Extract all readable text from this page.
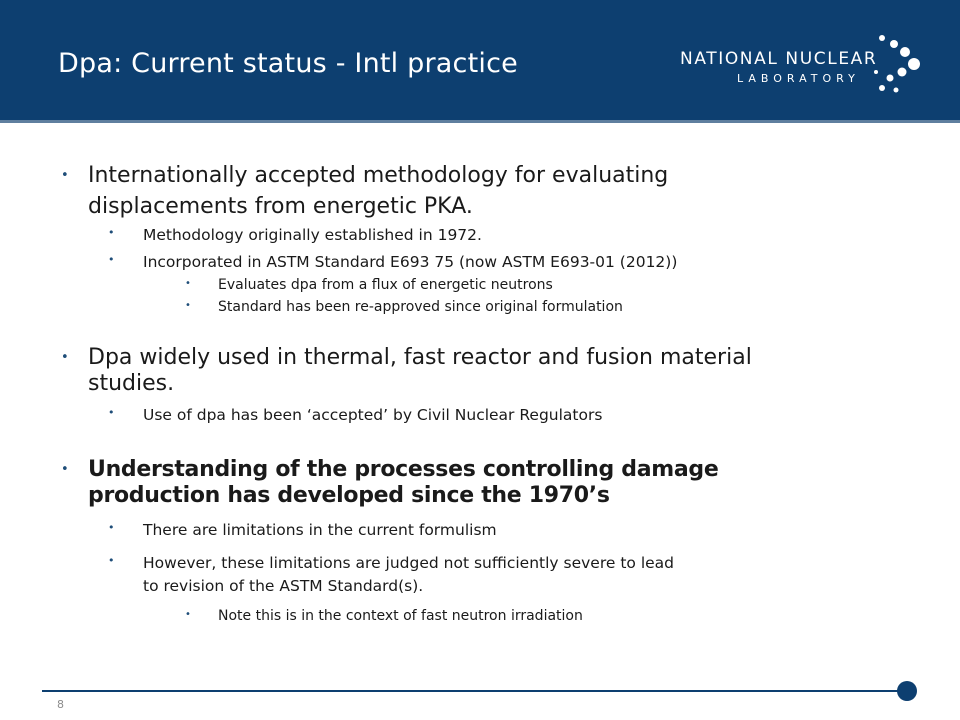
Dpa: Current status - Intl practice	NATIONAL NUCLEAR
LABORATORY
• Internationally accepted methodology for evaluating
displacements from energetic PKA.
• Methodology originally established in 1972.
• Incorporated in ASTM Standard E693 75 (now ASTM E693-01 (2012))
• Evaluates dpa from a flux of energetic neutrons
• Standard has been re-approved since original formulation
• Dpa widely used in thermal, fast reactor and fusion material
studies.
• Use of dpa has been ‘accepted’ by Civil Nuclear Regulators
• Understanding of the processes controlling damage
production has developed since the 1970’s
• There are limitations in the current formulism
• However, these limitations are judged not sufficiently severe to lead
to revision of the ASTM Standard(s).
• Note this is in the context of fast neutron irradiation
8
